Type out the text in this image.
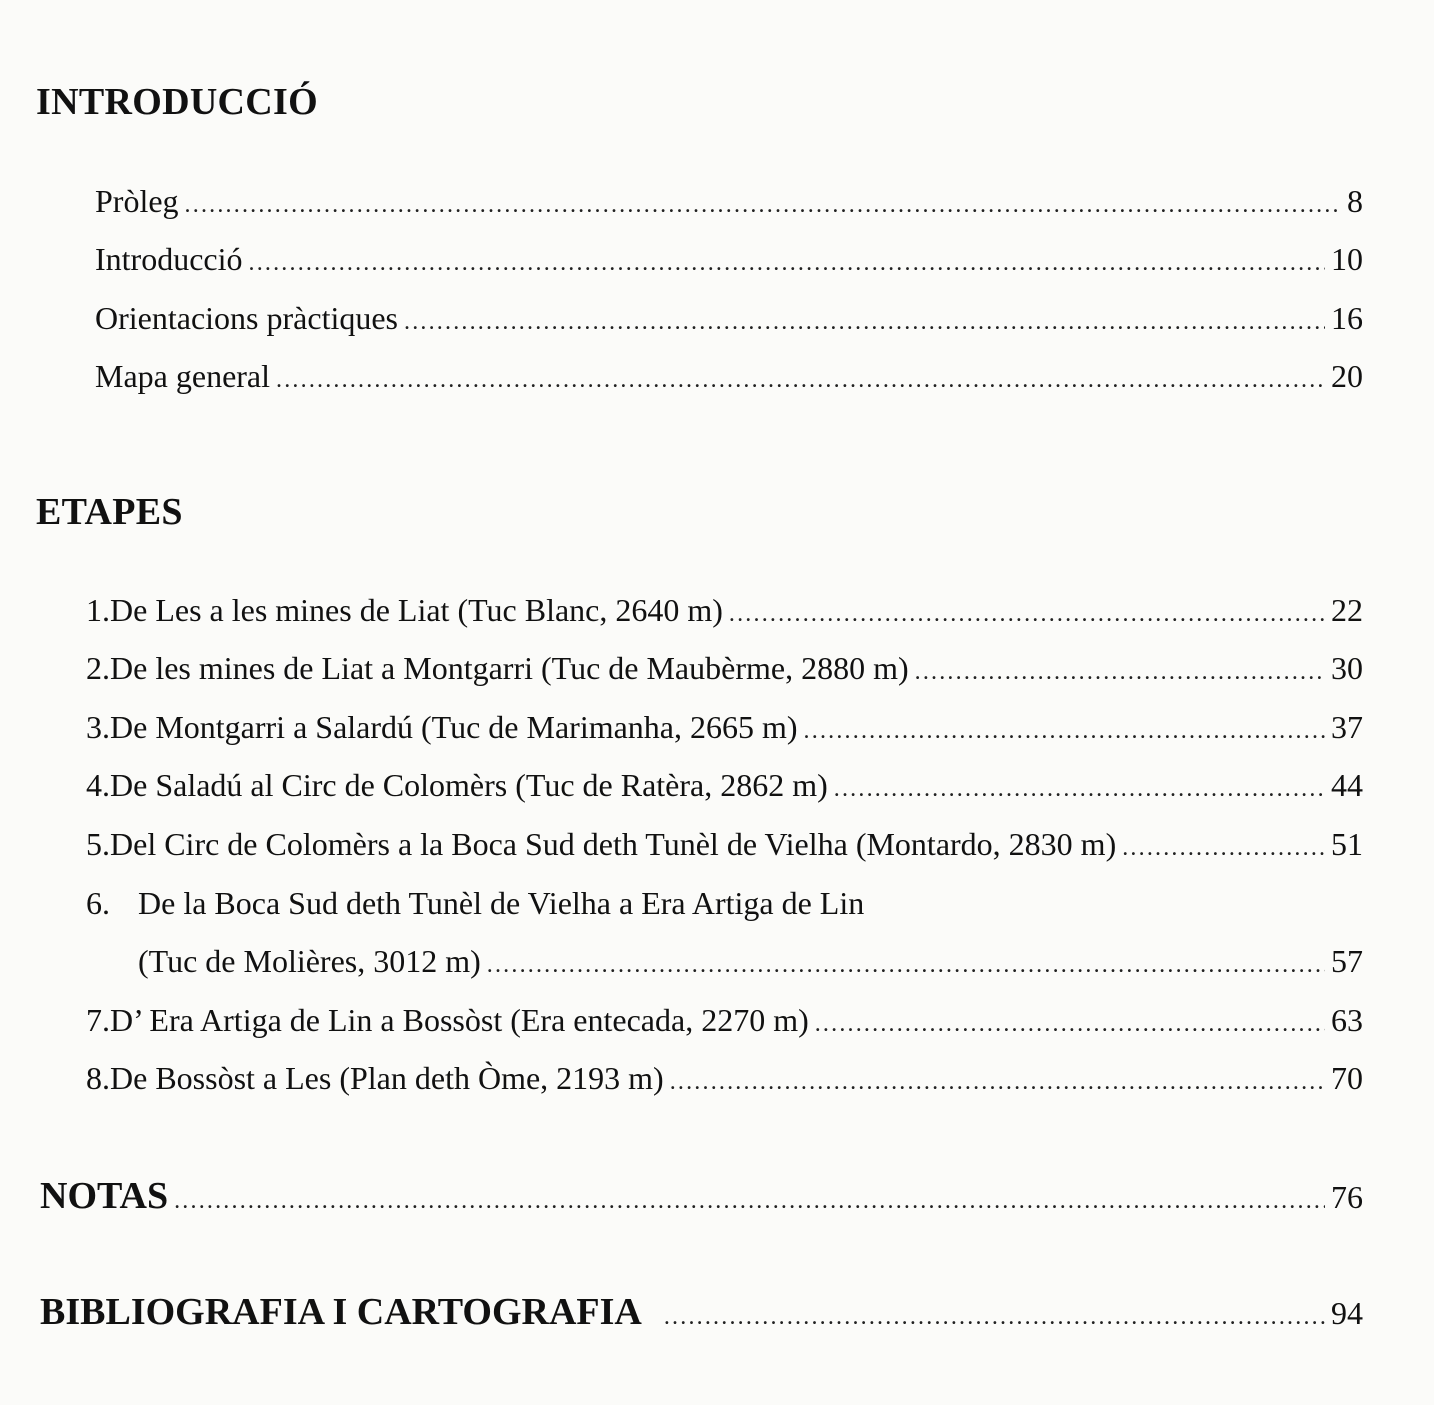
INTRODUCCIÓ
Pròleg .....	8
Introducció .....	10
Orientacions pràctiques .....	16
Mapa general .....	20
ETAPES
1. De Les a les mines de Liat (Tuc Blanc, 2640 m) .....	22
2. De les mines de Liat a Montgarri (Tuc de Maubèrme, 2880 m) .....	30
3. De Montgarri a Salardú (Tuc de Marimanha, 2665 m) .....	37
4. De Saladú al Circ de Colomèrs (Tuc de Ratèra, 2862 m) .....	44
5. Del Circ de Colomèrs a la Boca Sud deth Tunèl de Vielha (Montardo, 2830 m) .....	51
6. De la Boca Sud deth Tunèl de Vielha a Era Artiga de Lin
(Tuc de Molières, 3012 m) .....	57
7. D’ Era Artiga de Lin a Bossòst (Era entecada, 2270 m) .....	63
8. De Bossòst a Les (Plan deth Òme, 2193 m) .....	70
NOTAS .....	76
BIBLIOGRAFIA I CARTOGRAFIA .....	94
